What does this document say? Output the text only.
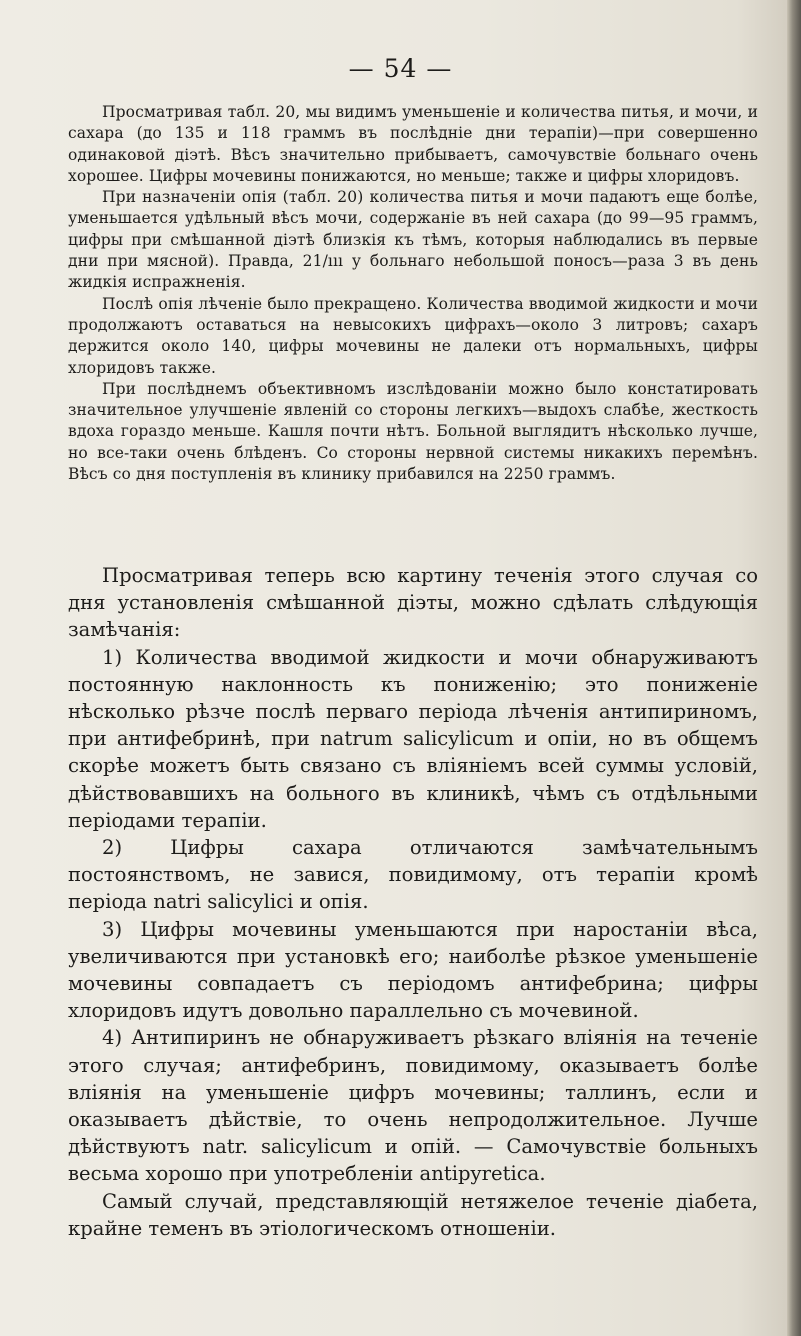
— 54 —

Просматривая табл. 20, мы видимъ уменьшеніе и количества питья, и мочи, и сахара (до 135 и 118 граммъ въ послѣдніе дни терапіи)—при совершенно одинаковой діэтѣ. Вѣсъ значительно прибываетъ, самочувствіе больнаго очень хорошее. Цифры мочевины понижаются, но меньше; также и цифры хлоридовъ.

При назначеніи опія (табл. 20) количества питья и мочи падаютъ еще болѣе, уменьшается удѣльный вѣсъ мочи, содержаніе въ ней сахара (до 99—95 граммъ, цифры при смѣшанной діэтѣ близкія къ тѣмъ, которыя наблюдались въ первые дни при мясной). Правда, 21/ııı у больнаго небольшой поносъ—раза 3 въ день жидкія испражненія.

Послѣ опія лѣченіе было прекращено. Количества вводимой жидкости и мочи продолжаютъ оставаться на невысокихъ цифрахъ—около 3 литровъ; сахаръ держится около 140, цифры мочевины не далеки отъ нормальныхъ, цифры хлоридовъ также.

При послѣднемъ объективномъ изслѣдованіи можно было констатировать значительное улучшеніе явленій со стороны легкихъ—выдохъ слабѣе, жесткость вдоха гораздо меньше. Кашля почти нѣтъ. Больной выглядитъ нѣсколько лучше, но все-таки очень блѣденъ. Со стороны нервной системы никакихъ перемѣнъ. Вѣсъ со дня поступленія въ клинику прибавился на 2250 граммъ.

Просматривая теперь всю картину теченія этого случая со дня установленія смѣшанной діэты, можно сдѣлать слѣдующія замѣчанія:

1) Количества вводимой жидкости и мочи обнаруживаютъ постоянную наклонность къ пониженію; это пониженіе нѣсколько рѣзче послѣ перваго періода лѣченія антипириномъ, при антифебринѣ, при natrum salicylicum и опіи, но въ общемъ скорѣе можетъ быть связано съ вліяніемъ всей суммы условій, дѣйствовавшихъ на больного въ клиникѣ, чѣмъ съ отдѣльными періодами терапіи.

2) Цифры сахара отличаются замѣчательнымъ постоянствомъ, не завися, повидимому, отъ терапіи кромѣ періода natri salicylici и опія.

3) Цифры мочевины уменьшаются при наростаніи вѣса, увеличиваются при установкѣ его; наиболѣе рѣзкое уменьшеніе мочевины совпадаетъ съ періодомъ антифебрина; цифры хлоридовъ идутъ довольно параллельно съ мочевиной.

4) Антипиринъ не обнаруживаетъ рѣзкаго вліянія на теченіе этого случая; антифебринъ, повидимому, оказываетъ болѣе вліянія на уменьшеніе цифръ мочевины; таллинъ, если и оказываетъ дѣйствіе, то очень непродолжительное. Лучше дѣйствуютъ natr. salicylicum и опій. — Самочувствіе больныхъ весьма хорошо при употребленіи antipyretica.

Самый случай, представляющій нетяжелое теченіе діабета, крайне теменъ въ этіологическомъ отношеніи.
